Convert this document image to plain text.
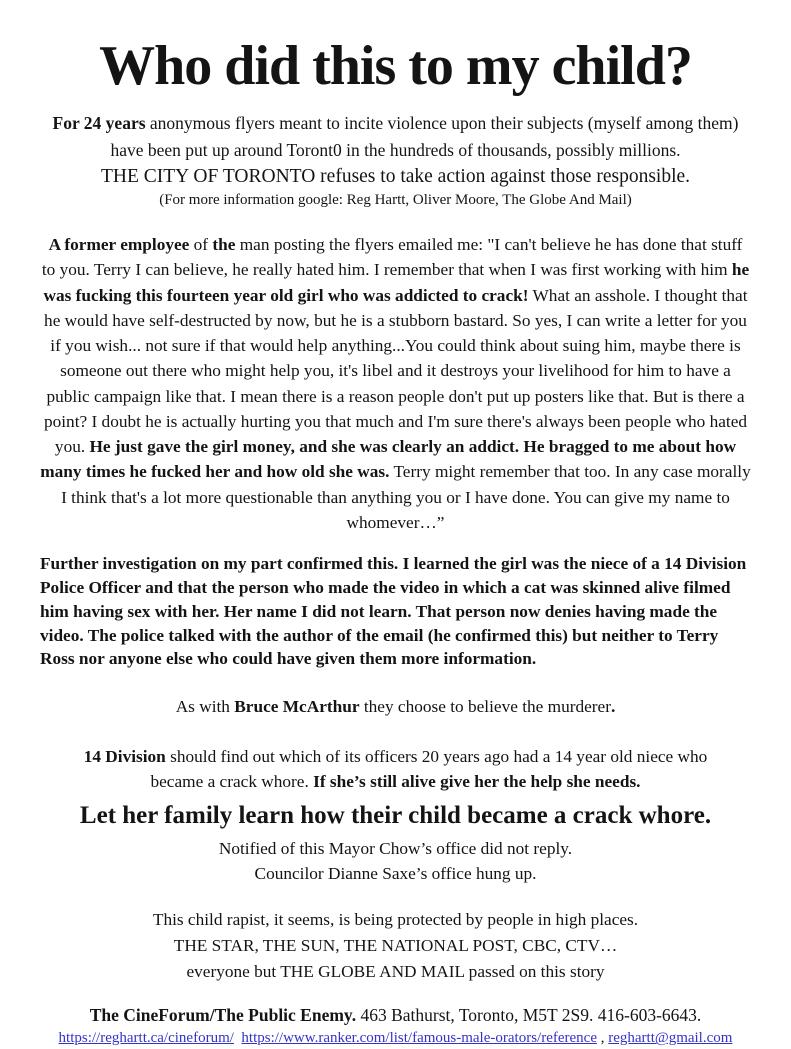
Who did this to my child?

For 24 years anonymous flyers meant to incite violence upon their subjects (myself among them) have been put up around Toront0 in the hundreds of thousands, possibly millions.

THE CITY OF TORONTO refuses to take action against those responsible.

(For more information google: Reg Hartt, Oliver Moore, The Globe And Mail)

A former employee of the man posting the flyers emailed me: "I can't believe he has done that stuff to you. Terry I can believe, he really hated him. I remember that when I was first working with him he was fucking this fourteen year old girl who was addicted to crack! What an asshole. I thought that he would have self-destructed by now, but he is a stubborn bastard. So yes, I can write a letter for you if you wish... not sure if that would help anything...You could think about suing him, maybe there is someone out there who might help you, it's libel and it destroys your livelihood for him to have a public campaign like that. I mean there is a reason people don't put up posters like that. But is there a point? I doubt he is actually hurting you that much and I'm sure there's always been people who hated you. He just gave the girl money, and she was clearly an addict. He bragged to me about how many times he fucked her and how old she was. Terry might remember that too. In any case morally I think that's a lot more questionable than anything you or I have done. You can give my name to whomever…”

Further investigation on my part confirmed this. I learned the girl was the niece of a 14 Division Police Officer and that the person who made the video in which a cat was skinned alive filmed him having sex with her. Her name I did not learn. That person now denies having made the video. The police talked with the author of the email (he confirmed this) but neither to Terry Ross nor anyone else who could have given them more information.

As with Bruce McArthur they choose to believe the murderer.

14 Division should find out which of its officers 20 years ago had a 14 year old niece who became a crack whore. If she’s still alive give her the help she needs.

Let her family learn how their child became a crack whore.

Notified of this Mayor Chow’s office did not reply.

Councilor Dianne Saxe’s office hung up.

This child rapist, it seems, is being protected by people in high places.
THE STAR, THE SUN, THE NATIONAL POST, CBC, CTV…
everyone but THE GLOBE AND MAIL passed on this story

The CineForum/The Public Enemy. 463 Bathurst, Toronto, M5T 2S9. 416-603-6643.

https://reghartt.ca/cineforum/ https://www.ranker.com/list/famous-male-orators/reference , reghartt@gmail.com
